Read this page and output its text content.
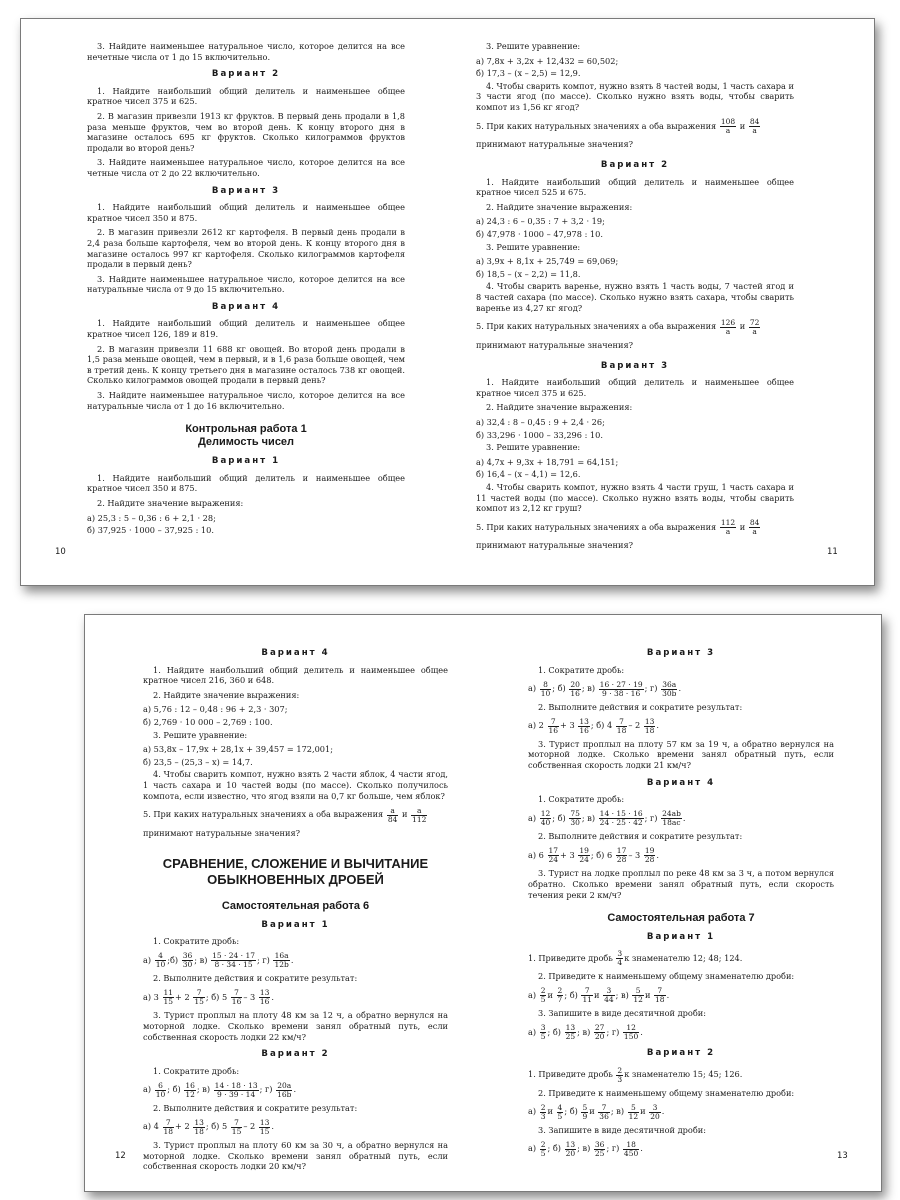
3. Найдите наименьшее натуральное число, которое делится на все нечетные числа от 1 до 15 включительно.

Вариант 2

1. Найдите наибольший общий делитель и наименьшее общее кратное чисел 375 и 625.

2. В магазин привезли 1913 кг фруктов. В первый день продали в 1,8 раза меньше фруктов, чем во второй день. К концу второго дня в магазине осталось 695 кг фруктов. Сколько килограммов фруктов продали во второй день?

3. Найдите наименьшее натуральное число, которое делится на все четные числа от 2 до 22 включительно.

Вариант 3

1. Найдите наибольший общий делитель и наименьшее общее кратное чисел 350 и 875.

2. В магазин привезли 2612 кг картофеля. В первый день продали в 2,4 раза больше картофеля, чем во второй день. К концу второго дня в магазине осталось 997 кг картофеля. Сколько килограммов картофеля продали в первый день?

3. Найдите наименьшее натуральное число, которое делится на все натуральные числа от 9 до 15 включительно.

Вариант 4

1. Найдите наибольший общий делитель и наименьшее общее кратное чисел 126, 189 и 819.

2. В магазин привезли 11 688 кг овощей. Во второй день продали в 1,5 раза меньше овощей, чем в первый, и в 1,6 раза больше овощей, чем в третий день. К концу третьего дня в магазине осталось 738 кг овощей. Сколько килограммов овощей продали в первый день?

3. Найдите наименьшее натуральное число, которое делится на все натуральные числа от 1 до 16 включительно.

Контрольная работа 1
Делимость чисел
Вариант 1

1. Найдите наибольший общий делитель и наименьшее общее кратное чисел 350 и 875.

2. Найдите значение выражения:

а) 25,3 : 5 – 0,36 : 6 + 2,1 · 28;

б) 37,925 · 1000 – 37,925 : 10.

10

3. Решите уравнение:

а) 7,8x + 3,2x + 12,432 = 60,502;

б) 17,3 – (x – 2,5) = 12,9.

4. Чтобы сварить компот, нужно взять 8 частей воды, 1 часть сахара и 3 части ягод (по массе). Сколько нужно взять воды, чтобы сварить компот из 1,56 кг ягод?

5. При каких натуральных значениях a оба выражения $\frac{108}{a}$ и $\frac{84}{a}$

принимают натуральные значения?

Вариант 2

1. Найдите наибольший общий делитель и наименьшее общее кратное чисел 525 и 675.

2. Найдите значение выражения:

а) 24,3 : 6 – 0,35 : 7 + 3,2 · 19;

б) 47,978 · 1000 – 47,978 : 10.

3. Решите уравнение:

а) 3,9x + 8,1x + 25,749 = 69,069;

б) 18,5 – (x – 2,2) = 11,8.

4. Чтобы сварить варенье, нужно взять 1 часть воды, 7 частей ягод и 8 частей сахара (по массе). Сколько нужно взять сахара, чтобы сварить варенье из 4,27 кг ягод?

5. При каких натуральных значениях a оба выражения $\frac{126}{a}$ и $\frac{72}{a}$

принимают натуральные значения?

Вариант 3

1. Найдите наибольший общий делитель и наименьшее общее кратное чисел 375 и 625.

2. Найдите значение выражения:

а) 32,4 : 8 – 0,45 : 9 + 2,4 · 26;

б) 33,296 · 1000 – 33,296 : 10.

3. Решите уравнение:

а) 4,7x + 9,3x + 18,791 = 64,151;

б) 16,4 – (x – 4,1) = 12,6.

4. Чтобы сварить компот, нужно взять 4 части груш, 1 часть сахара и 11 частей воды (по массе). Сколько нужно взять воды, чтобы сварить компот из 2,12 кг груш?

5. При каких натуральных значениях a оба выражения $\frac{112}{a}$ и $\frac{84}{a}$

принимают натуральные значения?

11
Вариант 4

1. Найдите наибольший общий делитель и наименьшее общее кратное чисел 216, 360 и 648.

2. Найдите значение выражения:

а) 5,76 : 12 – 0,48 : 96 + 2,3 · 307;

б) 2,769 · 10 000 – 2,769 : 100.

3. Решите уравнение:

а) 53,8x – 17,9x + 28,1x + 39,457 = 172,001;

б) 23,5 – (25,3 – x) = 14,7.

4. Чтобы сварить компот, нужно взять 2 части яблок, 4 части ягод, 1 часть сахара и 10 частей воды (по массе). Сколько получилось компота, если известно, что ягод взяли на 0,7 кг больше, чем яблок?

5. При каких натуральных значениях a оба выражения $\frac{a}{84}$ и $\frac{a}{112}$

принимают натуральные значения?

СРАВНЕНИЕ, СЛОЖЕНИЕ И ВЫЧИТАНИЕ
ОБЫКНОВЕННЫХ ДРОБЕЙ
Самостоятельная работа 6
Вариант 1

1. Сократите дробь:

$а) \frac{4}{10}$ ;б) $\frac{36}{30}$ ; $в) \frac{15 \cdot 24 \cdot 17}{8 \cdot 34 \cdot 15}$ ; $г) \frac{16a}{12b}$ .

2. Выполните действия и сократите результат:

а) $3 \frac{11}{15} + 2 \frac{7}{15}$ ; б) $5 \frac{7}{16} - 3 \frac{13}{16}$ .

3. Турист проплыл на плоту 48 км за 12 ч, а обратно вернулся на моторной лодке. Сколько времени занял обратный путь, если собственная скорость лодки 22 км/ч?

Вариант 2

1. Сократите дробь:

$а) \frac{6}{10}$ ; $б) \frac{16}{12}$ ; $в) \frac{14 \cdot 18 \cdot 13}{9 \cdot 39 \cdot 14}$ ; $г) \frac{20a}{16b}$ .

2. Выполните действия и сократите результат:

а) $4 \frac{7}{18} + 2 \frac{13}{18}$ ; б) $5 \frac{7}{15} - 2 \frac{13}{15}$ .

3. Турист проплыл на плоту 60 км за 30 ч, а обратно вернулся на моторной лодке. Сколько времени занял обратный путь, если собственная скорость лодки 20 км/ч?

12
Вариант 3

1. Сократите дробь:

$а) \frac{8}{10}$ ; $б) \frac{20}{16}$ ; $в) \frac{16 \cdot 27 \cdot 19}{9 \cdot 38 \cdot 16}$ ; $г) \frac{36a}{30b}$ .

2. Выполните действия и сократите результат:

а) $2 \frac{7}{16} + 3 \frac{13}{16}$ ; б) $4 \frac{7}{18} - 2 \frac{13}{18}$ .

3. Турист проплыл на плоту 57 км за 19 ч, а обратно вернулся на моторной лодке. Сколько времени занял обратный путь, если собственная скорость лодки 21 км/ч?

Вариант 4

1. Сократите дробь:

$а) \frac{12}{40}$ ; $б) \frac{75}{30}$ ; $в) \frac{14 \cdot 15 \cdot 16}{24 \cdot 25 \cdot 42}$ ; $г) \frac{24ab}{18ac}$ .

2. Выполните действия и сократите результат:

а) $6 \frac{17}{24} + 3 \frac{19}{24}$ ; б) $6 \frac{17}{28} - 3 \frac{19}{28}$ .

3. Турист на лодке проплыл по реке 48 км за 3 ч, а потом вернулся обратно. Сколько времени занял обратный путь, если скорость течения реки 2 км/ч?

Самостоятельная работа 7
Вариант 1

1. Приведите дробь $\frac{3}{4}$ к знаменателю 12; 48; 124.

2. Приведите к наименьшему общему знаменателю дроби:

$а) \frac{2}{5}$ и $\frac{2}{7}$ ; $б) \frac{7}{11}$ и $\frac{3}{44}$ ; $в) \frac{5}{12}$ и $\frac{7}{18}$ .

3. Запишите в виде десятичной дроби:

$а) \frac{3}{5}$ ; $б) \frac{13}{25}$ ; $в) \frac{27}{20}$ ; $г) \frac{12}{150}$ .

Вариант 2

1. Приведите дробь $\frac{2}{3}$ к знаменателю 15; 45; 126.

2. Приведите к наименьшему общему знаменателю дроби:

$а) \frac{2}{3}$ и $\frac{4}{5}$ ; $б) \frac{5}{9}$ и $\frac{7}{36}$ ; $в) \frac{5}{12}$ и $\frac{3}{20}$ .

3. Запишите в виде десятичной дроби:

$а) \frac{2}{5}$ ; $б) \frac{13}{20}$ ; $в) \frac{36}{25}$ ; $г) \frac{18}{450}$ .

13
